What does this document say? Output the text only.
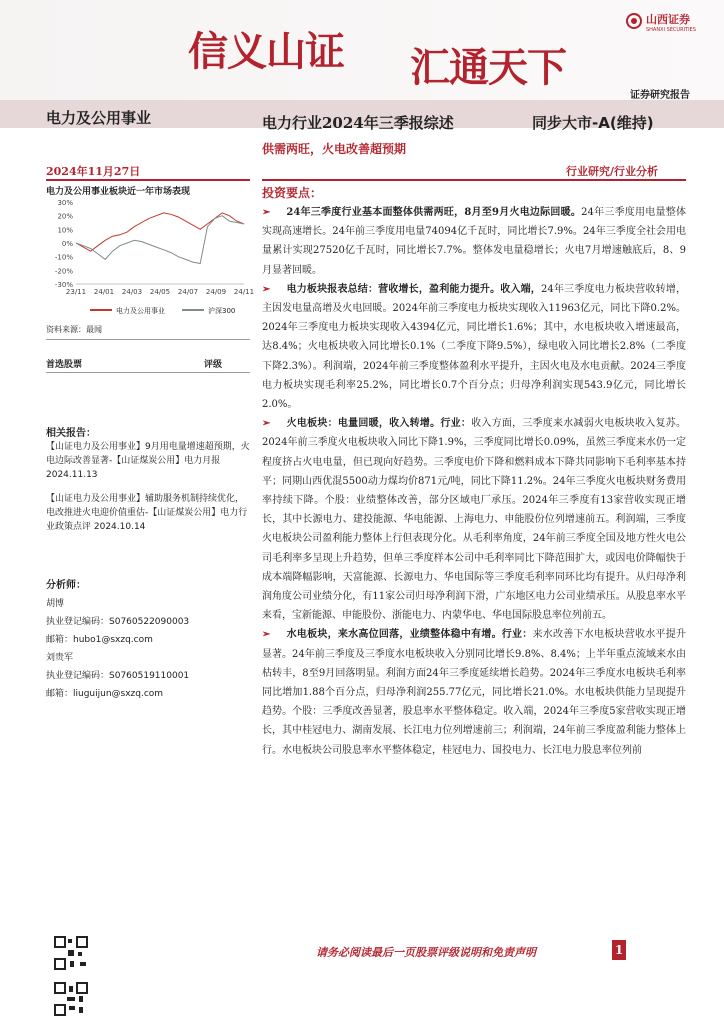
信义山证 汇通天下
山西证券
SHANXI SECURITIES
证券研究报告
电力及公用事业	电力行业2024年三季报综述	同步大市-A(维持)
供需两旺，火电改善超预期
2024年11月27日	行业研究/行业分析
电力及公用事业板块近一年市场表现
30%
20%
10%
0%
-10%
-20%
-30%
23/11 24/01 24/03 24/05 24/07 24/09 24/11
电力及公用事业	沪深300
资料来源：最闻
首选股票	评级
相关报告：
【山证电力及公用事业】9月用电量增速超预期，火电边际改善显著-【山证煤炭公用】电力月报 2024.11.13
【山证电力及公用事业】辅助服务机制持续优化，电改推进火电迎价值重估-【山证煤炭公用】电力行业政策点评 2024.10.14
分析师：
胡博
执业登记编码：S0760522090003
邮箱：hubo1@sxzq.com
刘贵军
执业登记编码：S0760519110001
邮箱：liuguijun@sxzq.com
投资要点：

➢ 24年三季度行业基本面整体供需两旺，8月至9月火电边际回暖。24年三季度用电量整体实现高速增长。24年前三季度用电量74094亿千瓦时，同比增长7.9%。24年三季度全社会用电量累计实现27520亿千瓦时，同比增长7.7%。整体发电量稳增长；火电7月增速触底后，8、9月显著回暖。

➢ 电力板块报表总结：营收增长，盈利能力提升。收入端，24年三季度电力板块营收转增，主因发电量高增及火电回暖。2024年前三季度电力板块实现收入11963亿元，同比下降0.2%。2024年三季度电力板块实现收入4394亿元，同比增长1.6%；其中，水电板块收入增速最高，达8.4%；火电板块收入同比增长0.1%（二季度下降9.5%），绿电收入同比增长2.8%（二季度下降2.3%）。利润端，2024年前三季度整体盈利水平提升，主因火电及水电贡献。2024三季度电力板块实现毛利率25.2%，同比增长0.7个百分点；归母净利润实现543.9亿元，同比增长2.0%。

➢ 火电板块：电量回暖，收入转增。行业：收入方面，三季度来水减弱火电板块收入复苏。2024年前三季度火电板块收入同比下降1.9%，三季度同比增长0.09%，虽然三季度来水仍一定程度挤占火电电量，但已现向好趋势。三季度电价下降和燃料成本下降共同影响下毛利率基本持平；同期山西优混5500动力煤均价871元/吨，同比下降11.2%。24年三季度火电板块财务费用率持续下降。个股：业绩整体改善，部分区域电厂承压。2024年三季度有13家营收实现正增长，其中长源电力、建投能源、华电能源、上海电力、申能股份位列增速前五。利润端，三季度火电板块公司盈利能力整体上行但表现分化。从毛利率角度，24年前三季度全国及地方性火电公司毛利率多呈现上升趋势，但单三季度样本公司中毛利率同比下降范围扩大，或因电价降幅快于成本端降幅影响，天富能源、长源电力、华电国际等三季度毛利率同环比均有提升。从归母净利润角度公司业绩分化，有11家公司归母净利润下滑，广东地区电力公司业绩承压。从股息率水平来看，宝新能源、申能股份、浙能电力、内蒙华电、华电国际股息率位列前五。

➢ 水电板块，来水高位回落，业绩整体稳中有增。行业：来水改善下水电板块营收水平提升显著。24年前三季度及三季度水电板块收入分别同比增长9.8%、8.4%；上半年重点流域来水由枯转丰，8至9月回落明显。利润方面24年三季度延续增长趋势。2024年三季度水电板块毛利率同比增加1.88个百分点，归母净利润255.77亿元，同比增长21.0%。水电板块供能力呈现提升趋势。个股：三季度改善显著，股息率水平整体稳定。收入端，2024年三季度5家营收实现正增长，其中桂冠电力、湖南发展、长江电力位列增速前三；利润端，24年前三季度盈利能力整体上行。水电板块公司股息率水平整体稳定，桂冠电力、国投电力、长江电力股息率位列前

请务必阅读最后一页股票评级说明和免责声明	1
